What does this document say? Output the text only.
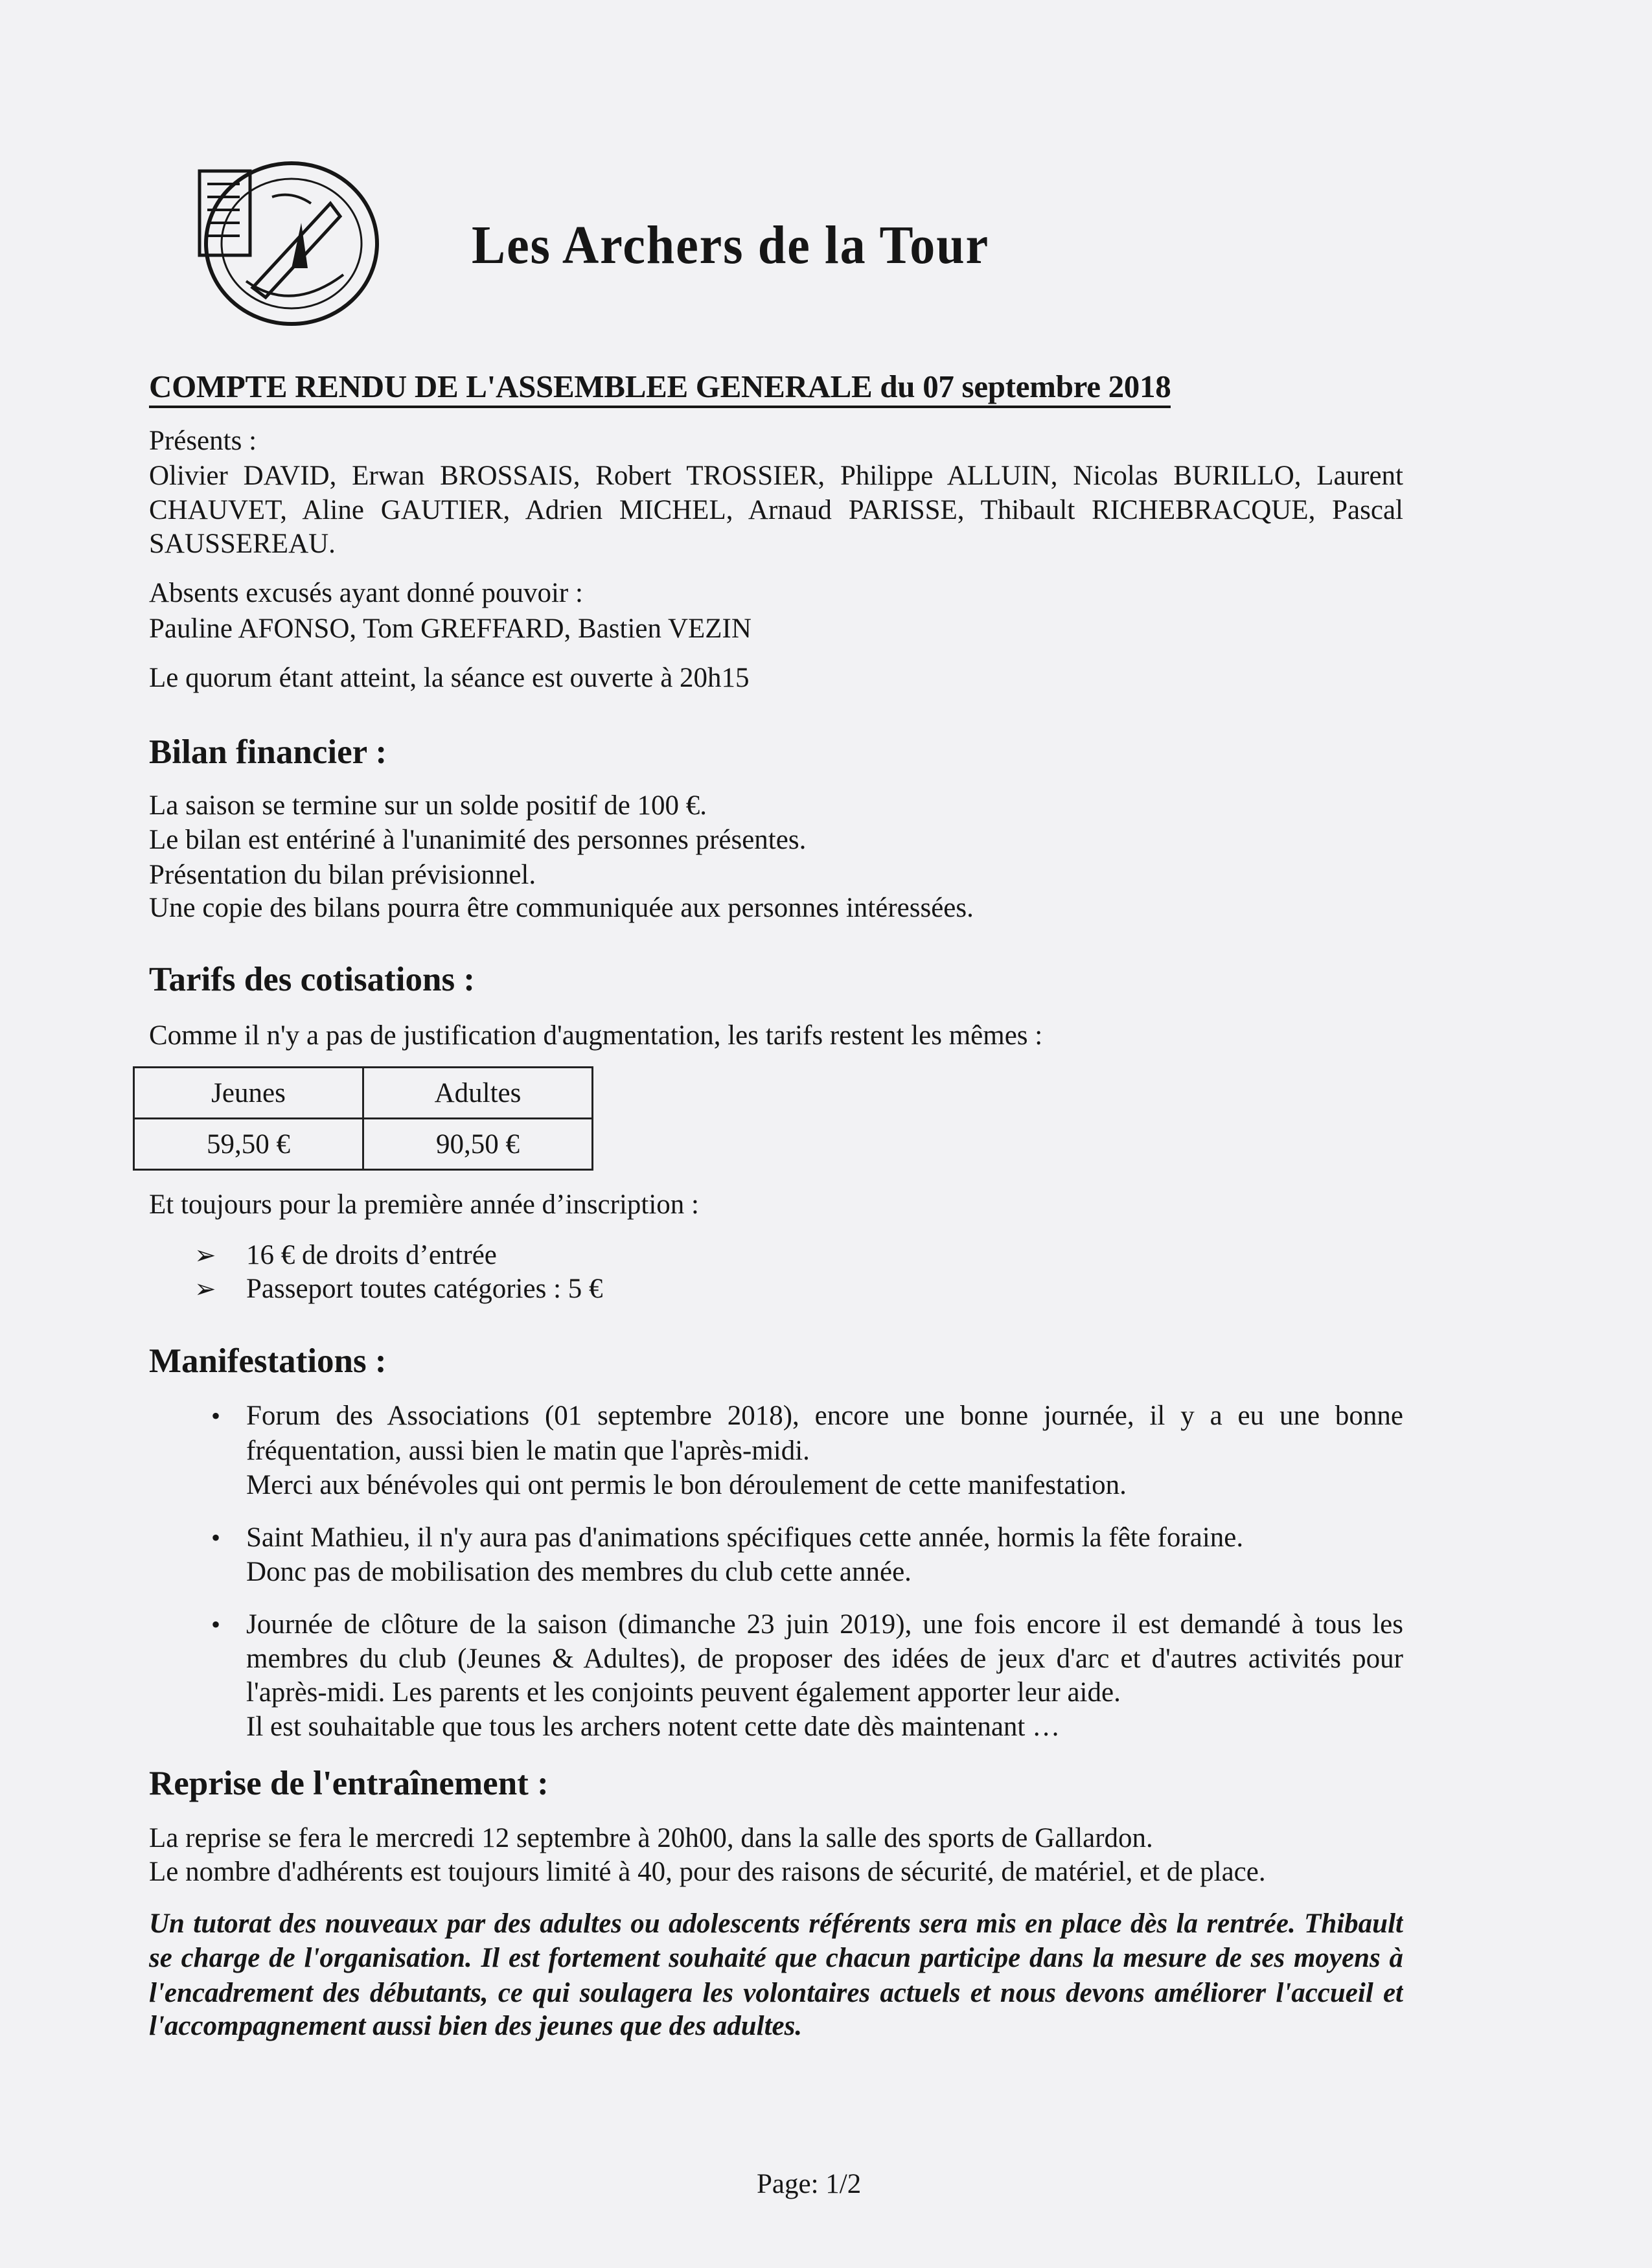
Les Archers de la Tour
COMPTE RENDU DE L'ASSEMBLEE GENERALE du 07 septembre 2018
Présents :
Olivier DAVID, Erwan BROSSAIS, Robert TROSSIER, Philippe ALLUIN, Nicolas BURILLO, Laurent
CHAUVET, Aline GAUTIER, Adrien MICHEL, Arnaud PARISSE, Thibault RICHEBRACQUE, Pascal
SAUSSEREAU.
Absents excusés ayant donné pouvoir :
Pauline AFONSO, Tom GREFFARD, Bastien VEZIN
Le quorum étant atteint, la séance est ouverte à 20h15
Bilan financier :
La saison se termine sur un solde positif de 100 €.
Le bilan est entériné à l'unanimité des personnes présentes.
Présentation du bilan prévisionnel.
Une copie des bilans pourra être communiquée aux personnes intéressées.
Tarifs des cotisations :
Comme il n'y a pas de justification d'augmentation, les tarifs restent les mêmes :
Jeunes	Adultes
59,50 €	90,50 €
Et toujours pour la première année d’inscription :
➢ 16 € de droits d’entrée
➢ Passeport toutes catégories : 5 €
Manifestations :
• Forum des Associations (01 septembre 2018), encore une bonne journée, il y a eu une bonne
fréquentation, aussi bien le matin que l'après-midi.
Merci aux bénévoles qui ont permis le bon déroulement de cette manifestation.
• Saint Mathieu, il n'y aura pas d'animations spécifiques cette année, hormis la fête foraine.
Donc pas de mobilisation des membres du club cette année.
• Journée de clôture de la saison (dimanche 23 juin 2019), une fois encore il est demandé à tous les
membres du club (Jeunes & Adultes), de proposer des idées de jeux d'arc et d'autres activités pour
l'après-midi. Les parents et les conjoints peuvent également apporter leur aide.
Il est souhaitable que tous les archers notent cette date dès maintenant …
Reprise de l'entraînement :
La reprise se fera le mercredi 12 septembre à 20h00, dans la salle des sports de Gallardon.
Le nombre d'adhérents est toujours limité à 40, pour des raisons de sécurité, de matériel, et de place.
Un tutorat des nouveaux par des adultes ou adolescents référents sera mis en place dès la rentrée. Thibault
se charge de l'organisation. Il est fortement souhaité que chacun participe dans la mesure de ses moyens à
l'encadrement des débutants, ce qui soulagera les volontaires actuels et nous devons améliorer l'accueil et
l'accompagnement aussi bien des jeunes que des adultes.
Page: 1/2
